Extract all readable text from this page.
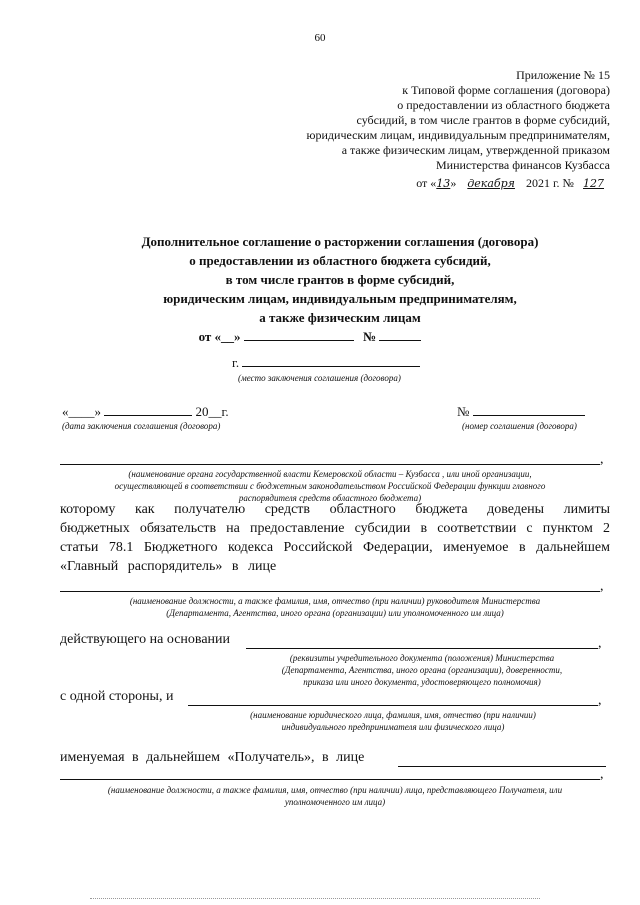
60
Приложение № 15
к Типовой форме соглашения (договора)
о предоставлении из областного бюджета
субсидий, в том числе грантов в форме субсидий,
юридическим лицам, индивидуальным предпринимателям,
а также физическим лицам, утвержденной приказом
Министерства финансов Кузбасса
от «13» декабря 2021 г. № 127
Дополнительное соглашение о расторжении соглашения (договора)
о предоставлении из областного бюджета субсидий,
в том числе грантов в форме субсидий,
юридическим лицам, индивидуальным предпринимателям,
а также физическим лицам
от «__»	№
г.
(место заключения соглашения (договора)
«____»	20__г.
(дата заключения соглашения (договора)
№
(номер соглашения (договора)
,
(наименование органа государственной власти Кемеровской области – Кузбасса , или иной организации,
осуществляющей в соответствии с бюджетным законодательством Российской Федерации функции главного
распорядителя средств областного бюджета)
которому как получателю средств областного бюджета доведены лимиты
бюджетных обязательств на предоставление субсидии в соответствии с пунктом 2
статьи 78.1 Бюджетного кодекса Российской Федерации, именуемое в дальнейшем
«Главный распорядитель» в лице
,
(наименование должности, а также фамилия, имя, отчество (при наличии) руководителя Министерства
(Департамента, Агентства, иного органа (организации) или уполномоченного им лица)
действующего на основании	,
(реквизиты учредительного документа (положения) Министерства
(Департамента, Агентства, иного органа (организации), доверенности,
приказа или иного документа, удостоверяющего полномочия)
с одной стороны, и	,
(наименование юридического лица, фамилия, имя, отчество (при наличии)
индивидуального предпринимателя или физического лица)
именуемая в дальнейшем «Получатель», в лице
,
(наименование должности, а также фамилия, имя, отчество (при наличии) лица, представляющего Получателя, или
уполномоченного им лица)
